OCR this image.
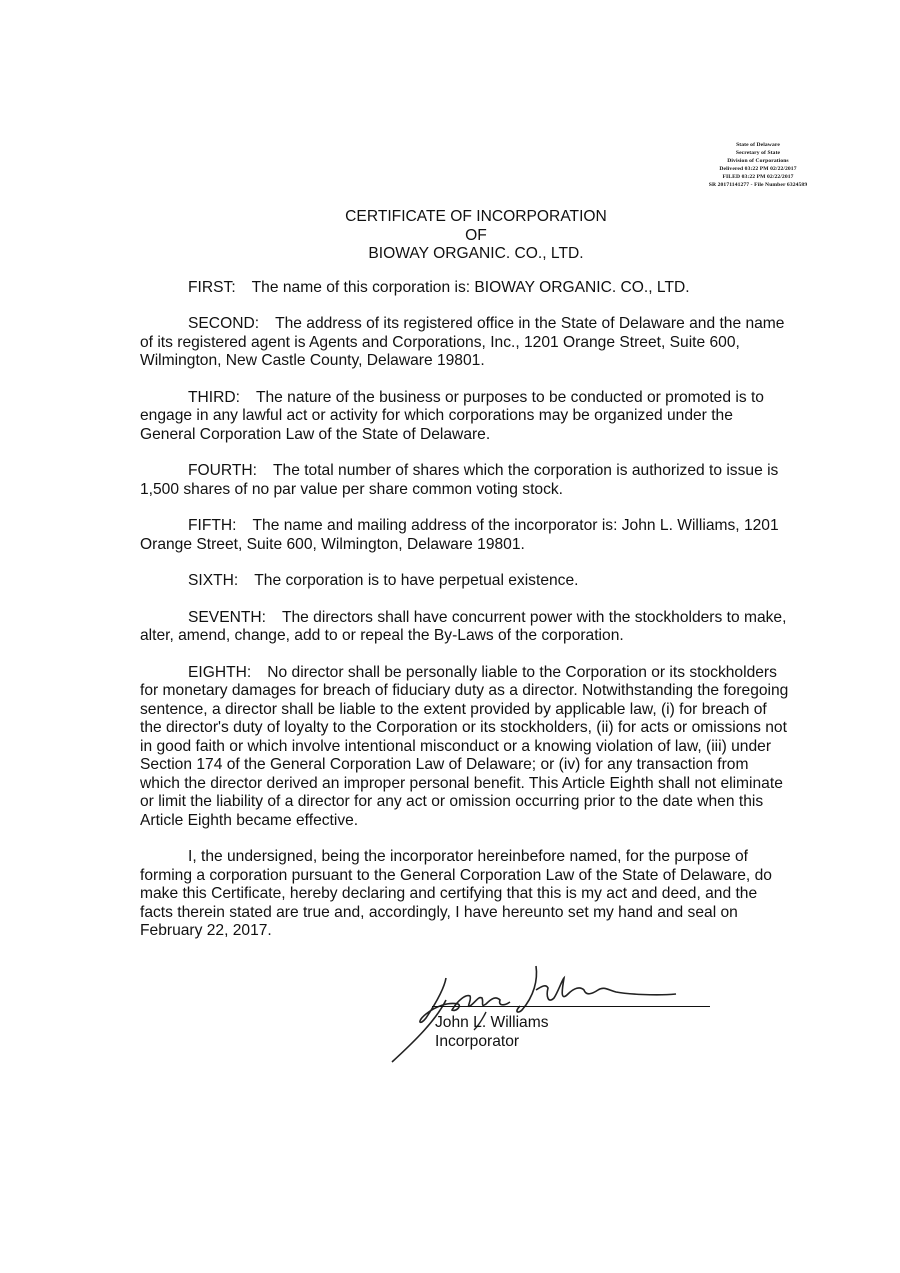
State of Delaware
Secretary of State
Division of Corporations
Delivered 03:22 PM 02/22/2017
FILED 03:22 PM 02/22/2017
SR 20171141277 - File Number 6324589
CERTIFICATE OF INCORPORATION
OF
BIOWAY ORGANIC. CO., LTD.

FIRST: The name of this corporation is: BIOWAY ORGANIC. CO., LTD.

SECOND: The address of its registered office in the State of Delaware and the name of its registered agent is Agents and Corporations, Inc., 1201 Orange Street, Suite 600, Wilmington, New Castle County, Delaware 19801.

THIRD: The nature of the business or purposes to be conducted or promoted is to engage in any lawful act or activity for which corporations may be organized under the General Corporation Law of the State of Delaware.

FOURTH: The total number of shares which the corporation is authorized to issue is 1,500 shares of no par value per share common voting stock.

FIFTH: The name and mailing address of the incorporator is: John L. Williams, 1201 Orange Street, Suite 600, Wilmington, Delaware 19801.

SIXTH: The corporation is to have perpetual existence.

SEVENTH: The directors shall have concurrent power with the stockholders to make, alter, amend, change, add to or repeal the By-Laws of the corporation.

EIGHTH: No director shall be personally liable to the Corporation or its stockholders for monetary damages for breach of fiduciary duty as a director. Notwithstanding the foregoing sentence, a director shall be liable to the extent provided by applicable law, (i) for breach of the director's duty of loyalty to the Corporation or its stockholders, (ii) for acts or omissions not in good faith or which involve intentional misconduct or a knowing violation of law, (iii) under Section 174 of the General Corporation Law of Delaware; or (iv) for any transaction from which the director derived an improper personal benefit. This Article Eighth shall not eliminate or limit the liability of a director for any act or omission occurring prior to the date when this Article Eighth became effective.

I, the undersigned, being the incorporator hereinbefore named, for the purpose of forming a corporation pursuant to the General Corporation Law of the State of Delaware, do make this Certificate, hereby declaring and certifying that this is my act and deed, and the facts therein stated are true and, accordingly, I have hereunto set my hand and seal on February 22, 2017.

John L. Williams
Incorporator
